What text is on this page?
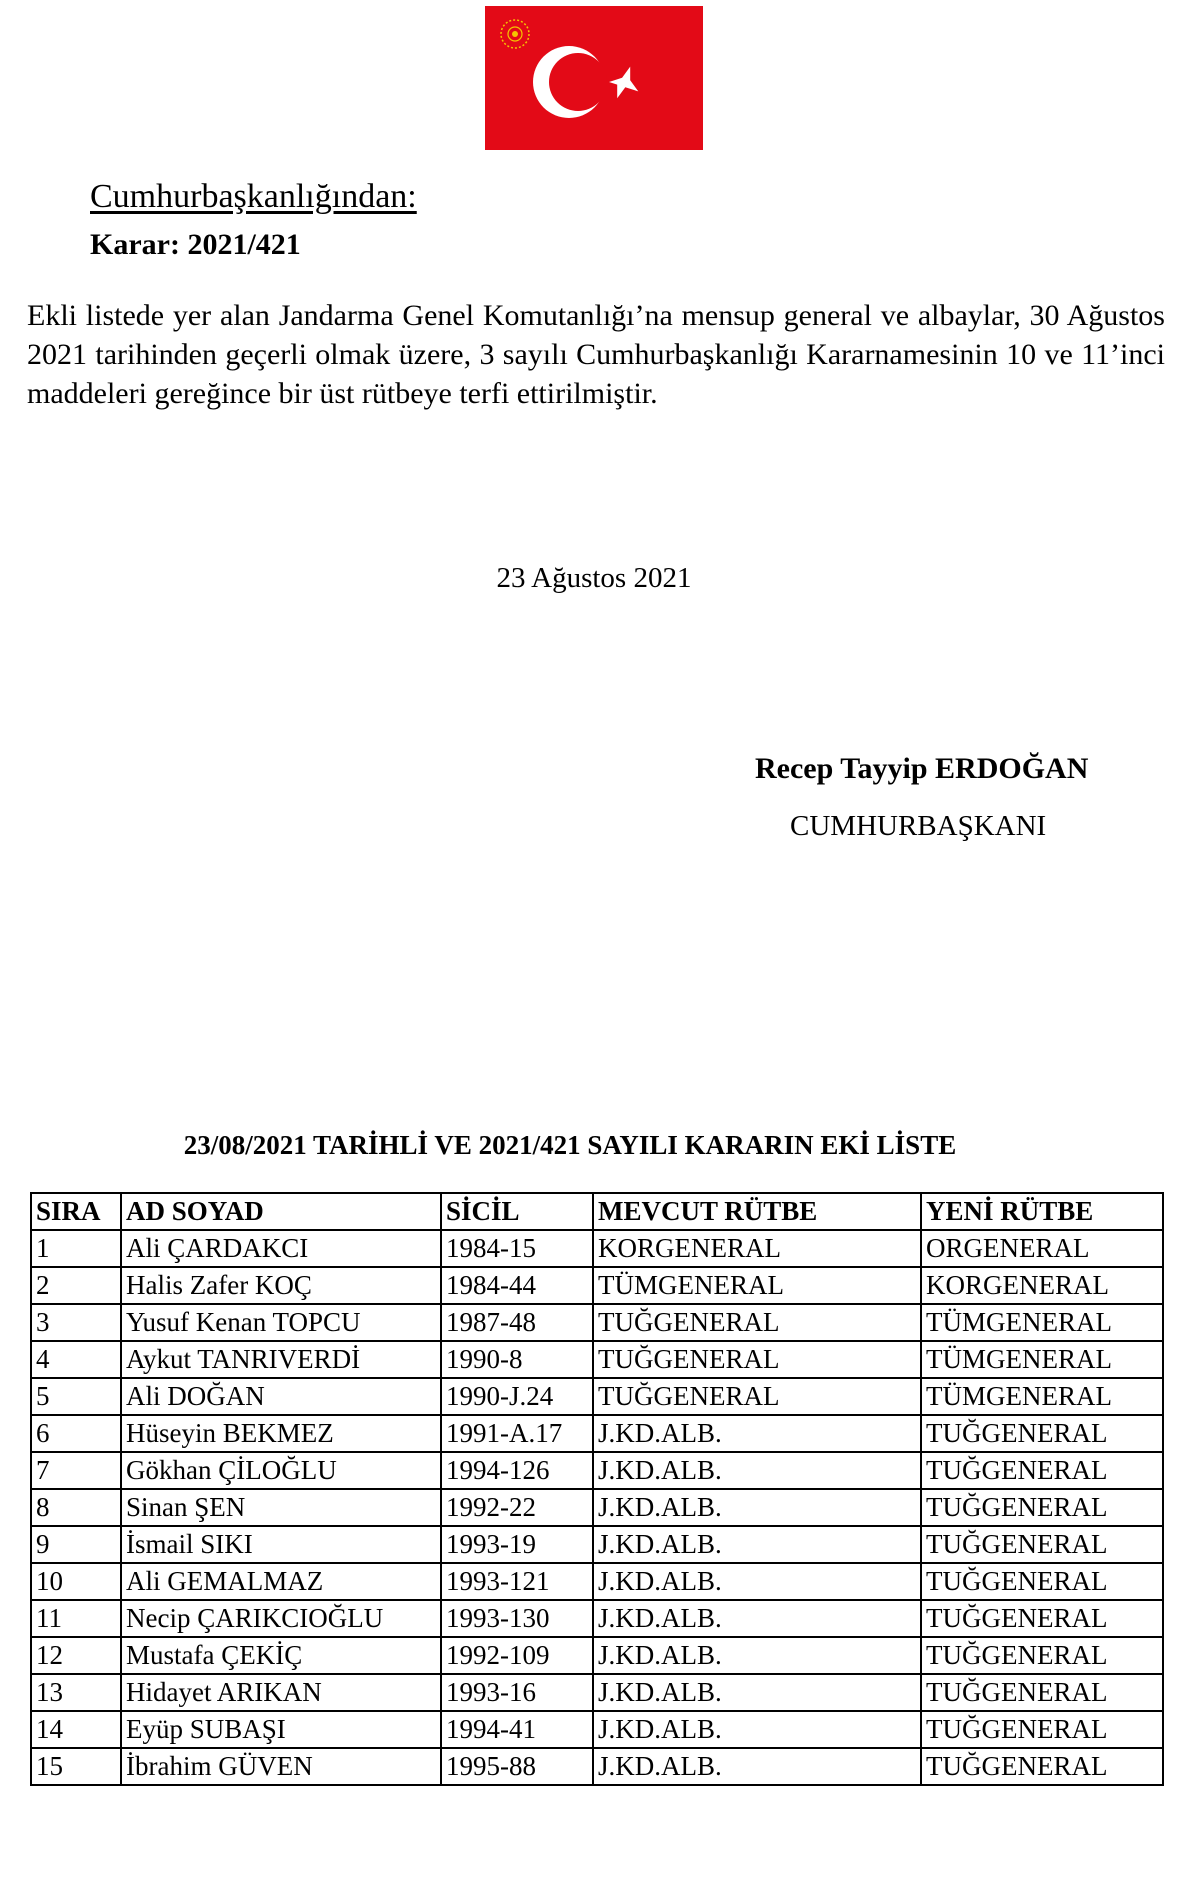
Cumhurbaşkanlığından:
Karar: 2021/421
Ekli listede yer alan Jandarma Genel Komutanlığı’na mensup general ve albaylar, 30 Ağustos 2021 tarihinden geçerli olmak üzere, 3 sayılı Cumhurbaşkanlığı Kararnamesinin 10 ve 11’inci maddeleri gereğince bir üst rütbeye terfi ettirilmiştir.
23 Ağustos 2021
Recep Tayyip ERDOĞAN
CUMHURBAŞKANI
23/08/2021 TARİHLİ VE 2021/421 SAYILI KARARIN EKİ LİSTE
SIRA	AD SOYAD	SİCİL	MEVCUT RÜTBE	YENİ RÜTBE
1	Ali ÇARDAKCI	1984-15	KORGENERAL	ORGENERAL
2	Halis Zafer KOÇ	1984-44	TÜMGENERAL	KORGENERAL
3	Yusuf Kenan TOPCU	1987-48	TUĞGENERAL	TÜMGENERAL
4	Aykut TANRIVERDİ	1990-8	TUĞGENERAL	TÜMGENERAL
5	Ali DOĞAN	1990-J.24	TUĞGENERAL	TÜMGENERAL
6	Hüseyin BEKMEZ	1991-A.17	J.KD.ALB.	TUĞGENERAL
7	Gökhan ÇİLOĞLU	1994-126	J.KD.ALB.	TUĞGENERAL
8	Sinan ŞEN	1992-22	J.KD.ALB.	TUĞGENERAL
9	İsmail SIKI	1993-19	J.KD.ALB.	TUĞGENERAL
10	Ali GEMALMAZ	1993-121	J.KD.ALB.	TUĞGENERAL
11	Necip ÇARIKCIOĞLU	1993-130	J.KD.ALB.	TUĞGENERAL
12	Mustafa ÇEKİÇ	1992-109	J.KD.ALB.	TUĞGENERAL
13	Hidayet ARIKAN	1993-16	J.KD.ALB.	TUĞGENERAL
14	Eyüp SUBAŞI	1994-41	J.KD.ALB.	TUĞGENERAL
15	İbrahim GÜVEN	1995-88	J.KD.ALB.	TUĞGENERAL
